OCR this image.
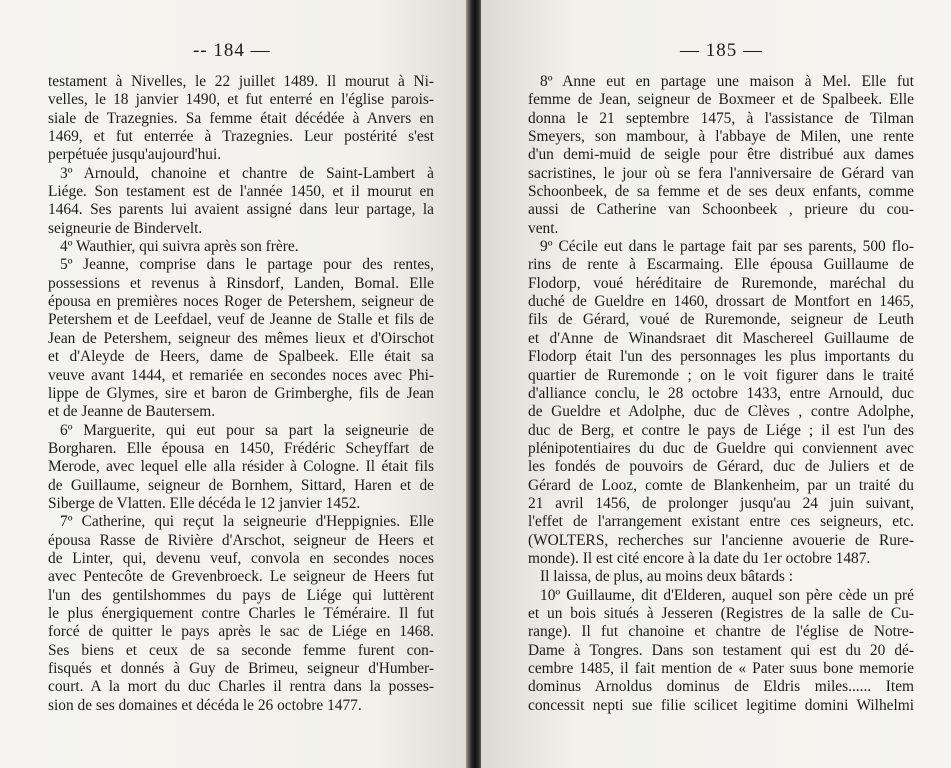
-- 184 —
testament à Nivelles, le 22 juillet 1489. Il mourut à Ni-
velles, le 18 janvier 1490, et fut enterré en l'église parois-
siale de Trazegnies. Sa femme était décédée à Anvers en
1469, et fut enterrée à Trazegnies. Leur postérité s'est
perpétuée jusqu'aujourd'hui.
3º Arnould, chanoine et chantre de Saint-Lambert à
Liége. Son testament est de l'année 1450, et il mourut en
1464. Ses parents lui avaient assigné dans leur partage, la
seigneurie de Bindervelt.
4º Wauthier, qui suivra après son frère.
5º Jeanne, comprise dans le partage pour des rentes,
possessions et revenus à Rinsdorf, Landen, Bomal. Elle
épousa en premières noces Roger de Petershem, seigneur de
Petershem et de Leefdael, veuf de Jeanne de Stalle et fils de
Jean de Petershem, seigneur des mêmes lieux et d'Oirschot
et d'Aleyde de Heers, dame de Spalbeek. Elle était sa
veuve avant 1444, et remariée en secondes noces avec Phi-
lippe de Glymes, sire et baron de Grimberghe, fils de Jean
et de Jeanne de Bautersem.
6º Marguerite, qui eut pour sa part la seigneurie de
Borgharen. Elle épousa en 1450, Frédéric Scheyffart de
Merode, avec lequel elle alla résider à Cologne. Il était fils
de Guillaume, seigneur de Bornhem, Sittard, Haren et de
Siberge de Vlatten. Elle décéda le 12 janvier 1452.
7º Catherine, qui reçut la seigneurie d'Heppignies. Elle
épousa Rasse de Rivière d'Arschot, seigneur de Heers et
de Linter, qui, devenu veuf, convola en secondes noces
avec Pentecôte de Grevenbroeck. Le seigneur de Heers fut
l'un des gentilshommes du pays de Liége qui luttèrent
le plus énergiquement contre Charles le Téméraire. Il fut
forcé de quitter le pays après le sac de Liége en 1468.
Ses biens et ceux de sa seconde femme furent con-
fisqués et donnés à Guy de Brimeu, seigneur d'Humber-
court. A la mort du duc Charles il rentra dans la posses-
sion de ses domaines et décéda le 26 octobre 1477.
— 185 —
8º Anne eut en partage une maison à Mel. Elle fut
femme de Jean, seigneur de Boxmeer et de Spalbeek. Elle
donna le 21 septembre 1475, à l'assistance de Tilman
Smeyers, son mambour, à l'abbaye de Milen, une rente
d'un demi-muid de seigle pour être distribué aux dames
sacristines, le jour où se fera l'anniversaire de Gérard van
Schoonbeek, de sa femme et de ses deux enfants, comme
aussi de Catherine van Schoonbeek , prieure du cou-
vent.
9º Cécile eut dans le partage fait par ses parents, 500 flo-
rins de rente à Escarmaing. Elle épousa Guillaume de
Flodorp, voué héréditaire de Ruremonde, maréchal du
duché de Gueldre en 1460, drossart de Montfort en 1465,
fils de Gérard, voué de Ruremonde, seigneur de Leuth
et d'Anne de Winandsraet dit Maschereel Guillaume de
Flodorp était l'un des personnages les plus importants du
quartier de Ruremonde ; on le voit figurer dans le traité
d'alliance conclu, le 28 octobre 1433, entre Arnould, duc
de Gueldre et Adolphe, duc de Clèves , contre Adolphe,
duc de Berg, et contre le pays de Liége ; il est l'un des
plénipotentiaires du duc de Gueldre qui conviennent avec
les fondés de pouvoirs de Gérard, duc de Juliers et de
Gérard de Looz, comte de Blankenheim, par un traité du
21 avril 1456, de prolonger jusqu'au 24 juin suivant,
l'effet de l'arrangement existant entre ces seigneurs, etc.
(WOLTERS, recherches sur l'ancienne avouerie de Rure-
monde). Il est cité encore à la date du 1er octobre 1487.
Il laissa, de plus, au moins deux bâtards :
10º Guillaume, dit d'Elderen, auquel son père cède un pré
et un bois situés à Jesseren (Registres de la salle de Cu-
range). Il fut chanoine et chantre de l'église de Notre-
Dame à Tongres. Dans son testament qui est du 20 dé-
cembre 1485, il fait mention de « Pater suus bone memorie
dominus Arnoldus dominus de Eldris miles...... Item
concessit nepti sue filie scilicet legitime domini Wilhelmi
